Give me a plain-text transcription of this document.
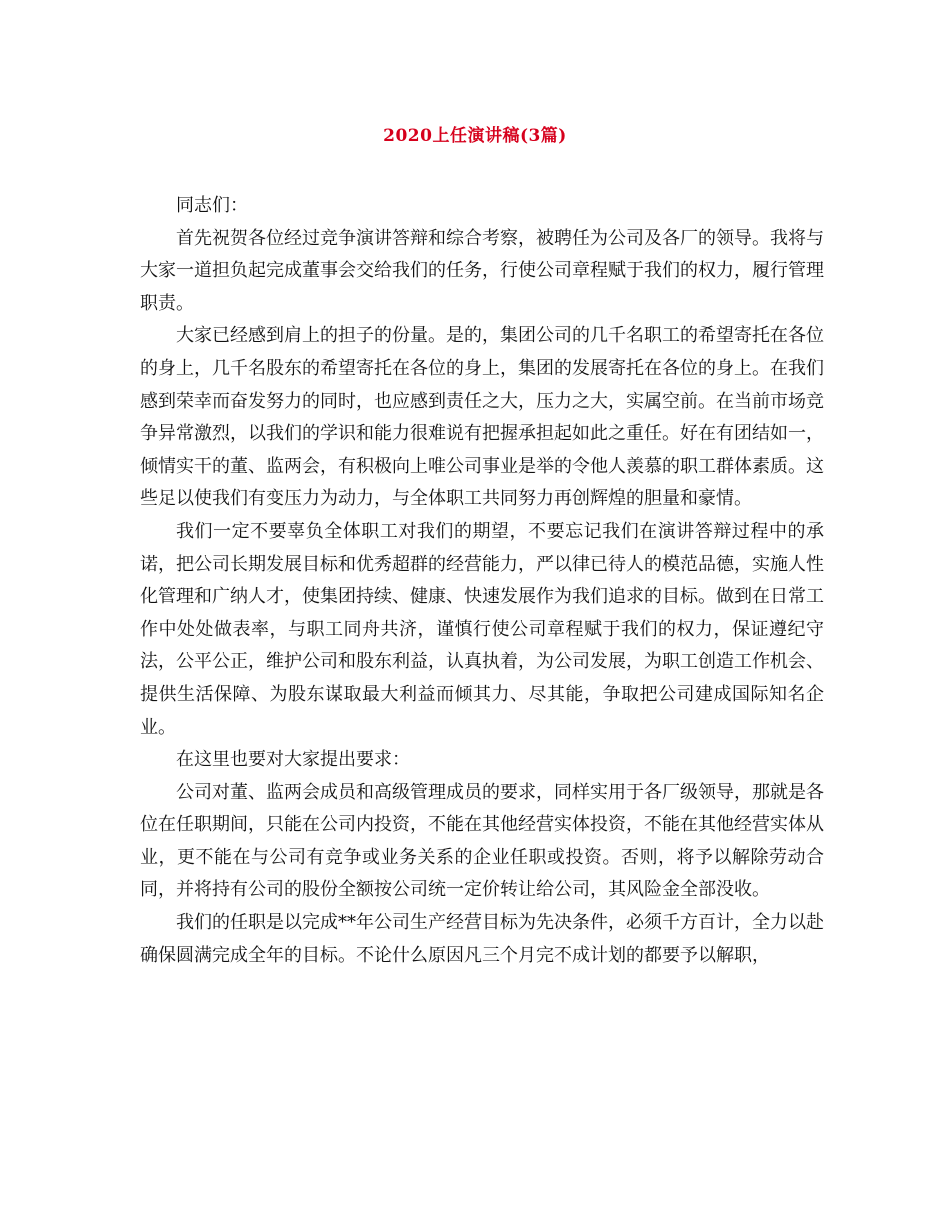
2020上任演讲稿(3篇)

同志们：

首先祝贺各位经过竞争演讲答辩和综合考察，被聘任为公司及各厂的领导。我将与大家一道担负起完成董事会交给我们的任务，行使公司章程赋于我们的权力，履行管理职责。

大家已经感到肩上的担子的份量。是的，集团公司的几千名职工的希望寄托在各位的身上，几千名股东的希望寄托在各位的身上，集团的发展寄托在各位的身上。在我们感到荣幸而奋发努力的同时，也应感到责任之大，压力之大，实属空前。在当前市场竞争异常激烈，以我们的学识和能力很难说有把握承担起如此之重任。好在有团结如一，倾情实干的董、监两会，有积极向上唯公司事业是举的令他人羡慕的职工群体素质。这些足以使我们有变压力为动力，与全体职工共同努力再创辉煌的胆量和豪情。

我们一定不要辜负全体职工对我们的期望，不要忘记我们在演讲答辩过程中的承诺，把公司长期发展目标和优秀超群的经营能力，严以律已待人的模范品德，实施人性化管理和广纳人才，使集团持续、健康、快速发展作为我们追求的目标。做到在日常工作中处处做表率，与职工同舟共济，谨慎行使公司章程赋于我们的权力，保证遵纪守法，公平公正，维护公司和股东利益，认真执着，为公司发展，为职工创造工作机会、提供生活保障、为股东谋取最大利益而倾其力、尽其能，争取把公司建成国际知名企业。

在这里也要对大家提出要求：

公司对董、监两会成员和高级管理成员的要求，同样实用于各厂级领导，那就是各位在任职期间，只能在公司内投资，不能在其他经营实体投资，不能在其他经营实体从业，更不能在与公司有竞争或业务关系的企业任职或投资。否则，将予以解除劳动合同，并将持有公司的股份全额按公司统一定价转让给公司，其风险金全部没收。

我们的任职是以完成**年公司生产经营目标为先决条件，必须千方百计，全力以赴确保圆满完成全年的目标。不论什么原因凡三个月完不成计划的都要予以解职，
